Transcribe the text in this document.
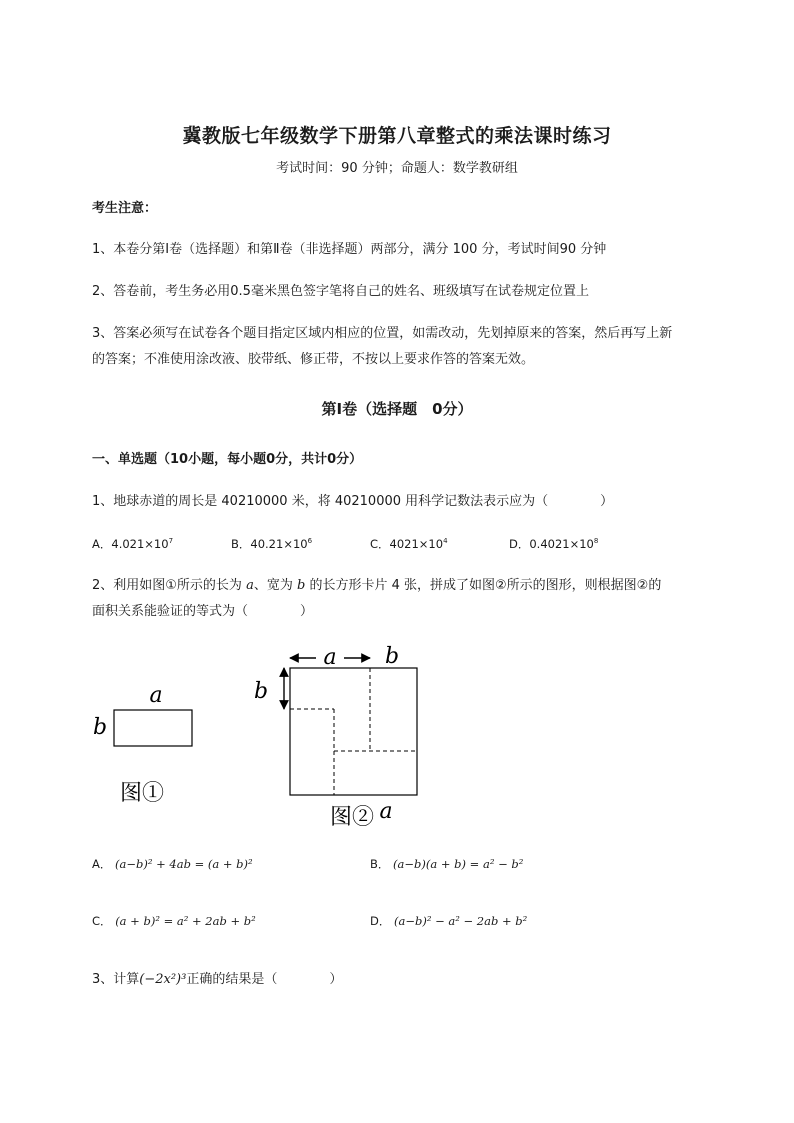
冀教版七年级数学下册第八章整式的乘法课时练习
考试时间：90 分钟；命题人：数学教研组
考生注意：
1、本卷分第Ⅰ卷（选择题）和第Ⅱ卷（非选择题）两部分，满分 100 分，考试时间90 分钟
2、答卷前，考生务必用0.5毫米黑色签字笔将自己的姓名、班级填写在试卷规定位置上
3、答案必须写在试卷各个题目指定区域内相应的位置，如需改动，先划掉原来的答案，然后再写上新
的答案；不准使用涂改液、胶带纸、修正带，不按以上要求作答的答案无效。
第Ⅰ卷（选择题　0分）
一、单选题（10小题，每小题0分，共计0分）
1、地球赤道的周长是 40210000 米，将 40210000 用科学记数法表示应为（	）
A．$4.021\times 10^7$	B．$40.21\times 10^6$	C．$4021\times 10^4$	D．$0.4021\times 10^8$
2、利用如图①所示的长为 a、宽为 b 的长方形卡片 4 张，拼成了如图②所示的图形，则根据图②的
面积关系能验证的等式为（	）
a
b
图①
a b
b
图② a
A． (a−b)² + 4ab = (a + b)²	B． (a−b)(a + b) = a² − b²
C． (a + b)² = a² + 2ab + b²	D． (a−b)² − a² − 2ab + b²
3、计算(−2x²)³正确的结果是（	）
